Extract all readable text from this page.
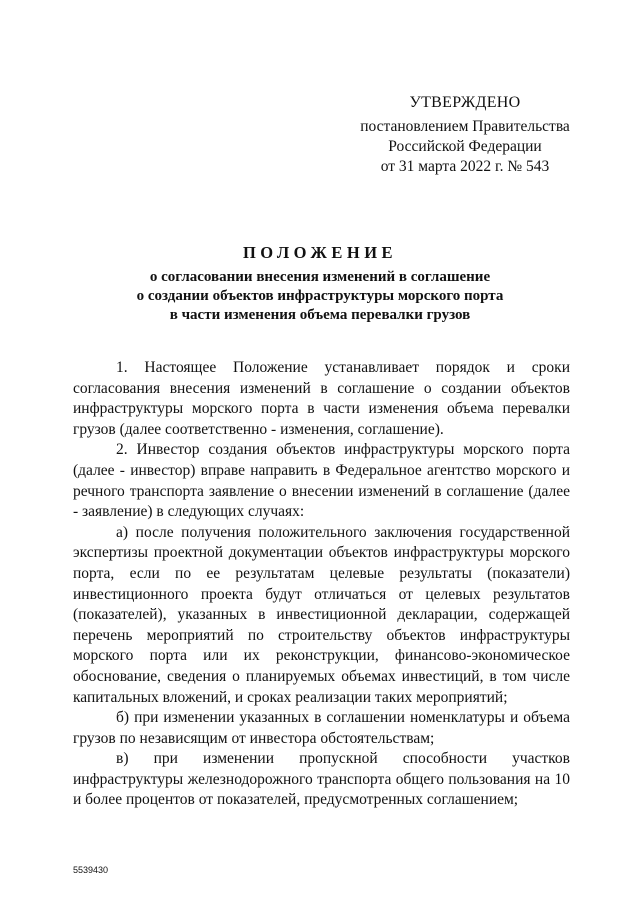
УТВЕРЖДЕНО
постановлением Правительства
Российской Федерации
от 31 марта 2022 г. № 543
ПОЛОЖЕНИЕ
о согласовании внесения изменений в соглашение
о создании объектов инфраструктуры морского порта
в части изменения объема перевалки грузов

1. Настоящее Положение устанавливает порядок и сроки согласования внесения изменений в соглашение о создании объектов инфраструктуры морского порта в части изменения объема перевалки грузов (далее соответственно - изменения, соглашение).

2. Инвестор создания объектов инфраструктуры морского порта (далее - инвестор) вправе направить в Федеральное агентство морского и речного транспорта заявление о внесении изменений в соглашение (далее - заявление) в следующих случаях:

а) после получения положительного заключения государственной экспертизы проектной документации объектов инфраструктуры морского порта, если по ее результатам целевые результаты (показатели) инвестиционного проекта будут отличаться от целевых результатов (показателей), указанных в инвестиционной декларации, содержащей перечень мероприятий по строительству объектов инфраструктуры морского порта или их реконструкции, финансово-экономическое обоснование, сведения о планируемых объемах инвестиций, в том числе капитальных вложений, и сроках реализации таких мероприятий;

б) при изменении указанных в соглашении номенклатуры и объема грузов по независящим от инвестора обстоятельствам;

в) при изменении пропускной способности участков инфраструктуры железнодорожного транспорта общего пользования на 10 и более процентов от показателей, предусмотренных соглашением;

5539430
